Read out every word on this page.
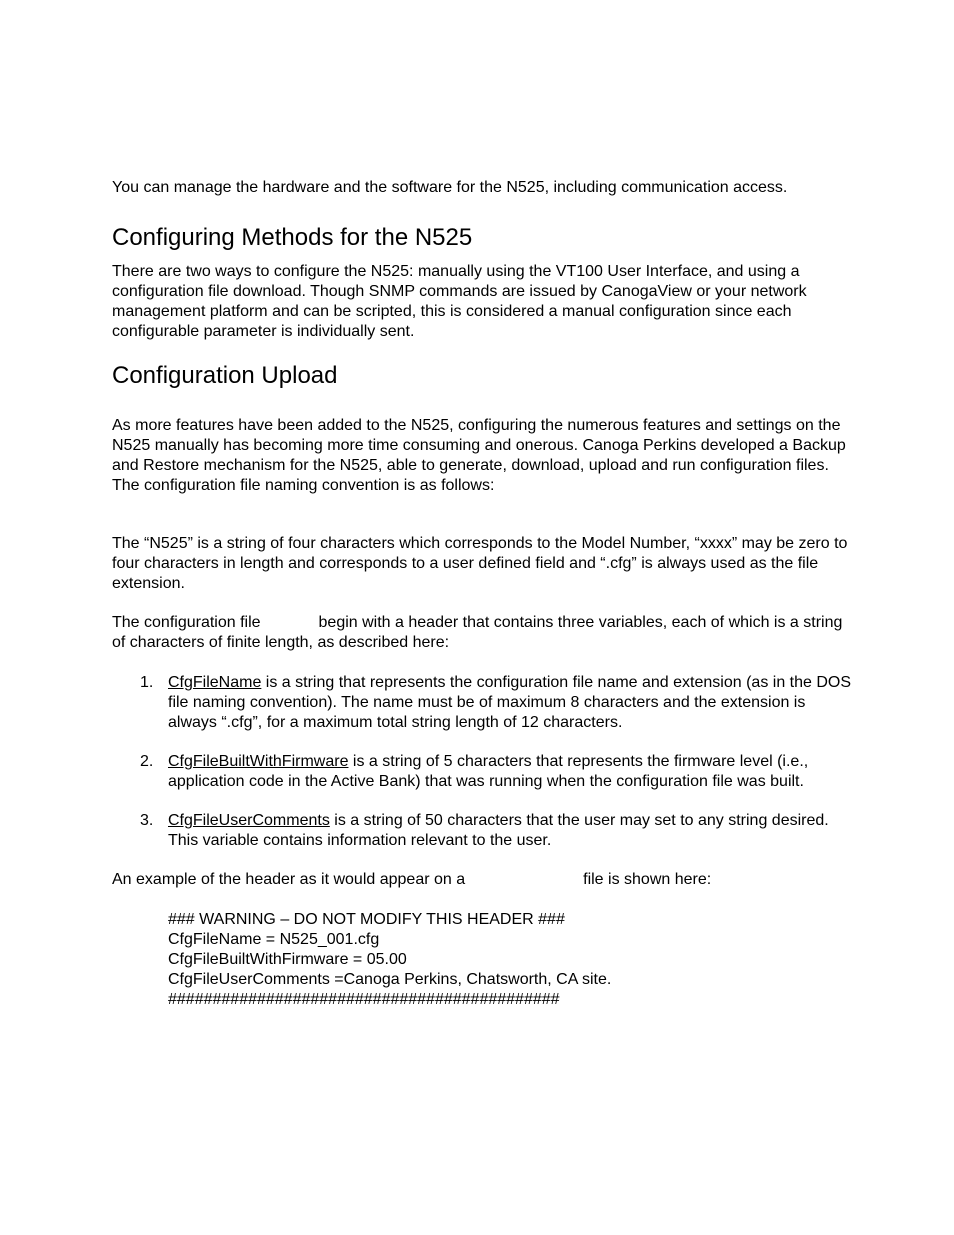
You can manage the hardware and the software for the N525, including communication access.

Configuring Methods for the N525

There are two ways to configure the N525: manually using the VT100 User Interface, and using a configuration file download. Though SNMP commands are issued by CanogaView or your network management platform and can be scripted, this is considered a manual configuration since each configurable parameter is individually sent.

Configuration Upload

As more features have been added to the N525, configuring the numerous features and settings on the N525 manually has becoming more time consuming and onerous. Canoga Perkins developed a Backup and Restore mechanism for the N525, able to generate, download, upload and run configuration files. The configuration file naming convention is as follows:

The “N525” is a string of four characters which corresponds to the Model Number, “xxxx” may be zero to four characters in length and corresponds to a user defined field and “.cfg” is always used as the file extension.

The configuration file	begin with a header that contains three variables, each of which is a string of characters of finite length, as described here:

1. CfgFileName is a string that represents the configuration file name and extension (as in the DOS file naming convention). The name must be of maximum 8 characters and the extension is always “.cfg”, for a maximum total string length of 12 characters.
2. CfgFileBuiltWithFirmware is a string of 5 characters that represents the firmware level (i.e., application code in the Active Bank) that was running when the configuration file was built.
3. CfgFileUserComments is a string of 50 characters that the user may set to any string desired. This variable contains information relevant to the user.

An example of the header as it would appear on a	file is shown here:

### WARNING – DO NOT MODIFY THIS HEADER ###
CfgFileName = N525_001.cfg
CfgFileBuiltWithFirmware = 05.00
CfgFileUserComments =Canoga Perkins, Chatsworth, CA site.
############################################
